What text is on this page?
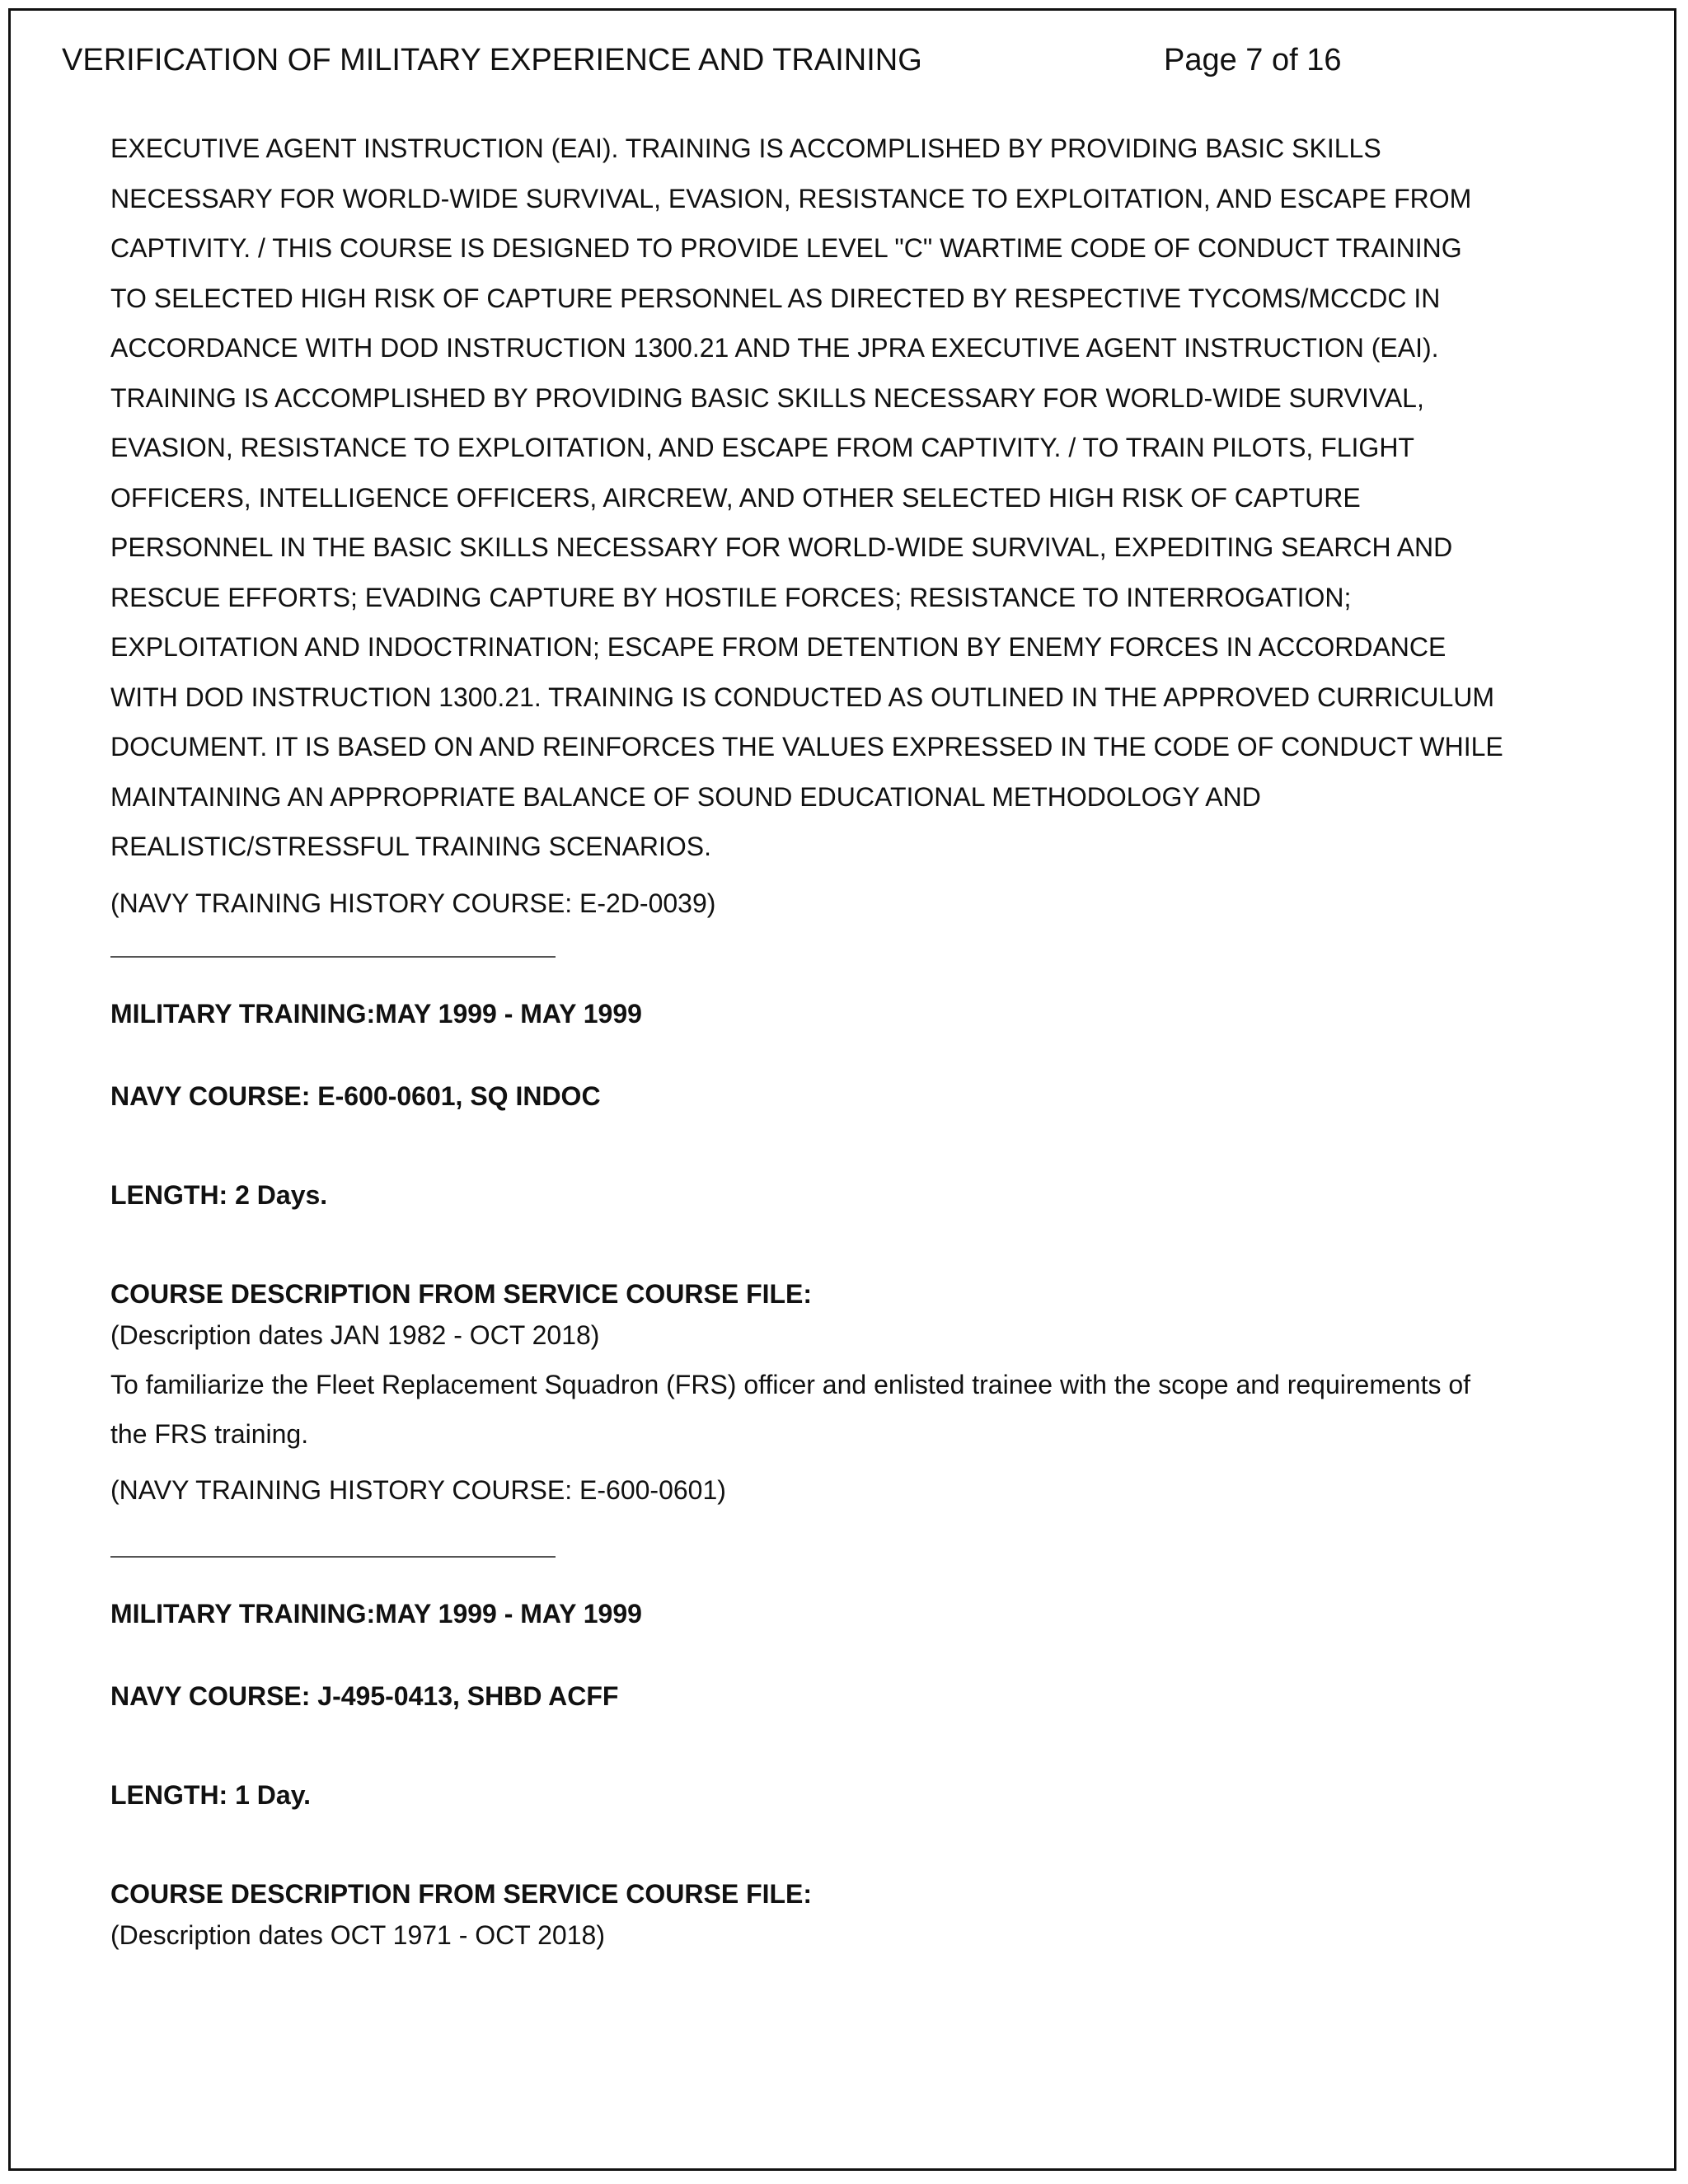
VERIFICATION OF MILITARY EXPERIENCE AND TRAINING	Page 7 of 16

EXECUTIVE AGENT INSTRUCTION (EAI). TRAINING IS ACCOMPLISHED BY PROVIDING BASIC SKILLS

NECESSARY FOR WORLD-WIDE SURVIVAL, EVASION, RESISTANCE TO EXPLOITATION, AND ESCAPE FROM

CAPTIVITY. / THIS COURSE IS DESIGNED TO PROVIDE LEVEL "C" WARTIME CODE OF CONDUCT TRAINING

TO SELECTED HIGH RISK OF CAPTURE PERSONNEL AS DIRECTED BY RESPECTIVE TYCOMS/MCCDC IN

ACCORDANCE WITH DOD INSTRUCTION 1300.21 AND THE JPRA EXECUTIVE AGENT INSTRUCTION (EAI).

TRAINING IS ACCOMPLISHED BY PROVIDING BASIC SKILLS NECESSARY FOR WORLD-WIDE SURVIVAL,

EVASION, RESISTANCE TO EXPLOITATION, AND ESCAPE FROM CAPTIVITY. / TO TRAIN PILOTS, FLIGHT

OFFICERS, INTELLIGENCE OFFICERS, AIRCREW, AND OTHER SELECTED HIGH RISK OF CAPTURE

PERSONNEL IN THE BASIC SKILLS NECESSARY FOR WORLD-WIDE SURVIVAL, EXPEDITING SEARCH AND

RESCUE EFFORTS; EVADING CAPTURE BY HOSTILE FORCES; RESISTANCE TO INTERROGATION;

EXPLOITATION AND INDOCTRINATION; ESCAPE FROM DETENTION BY ENEMY FORCES IN ACCORDANCE

WITH DOD INSTRUCTION 1300.21. TRAINING IS CONDUCTED AS OUTLINED IN THE APPROVED CURRICULUM

DOCUMENT. IT IS BASED ON AND REINFORCES THE VALUES EXPRESSED IN THE CODE OF CONDUCT WHILE

MAINTAINING AN APPROPRIATE BALANCE OF SOUND EDUCATIONAL METHODOLOGY AND

REALISTIC/STRESSFUL TRAINING SCENARIOS.

(NAVY TRAINING HISTORY COURSE: E-2D-0039)

MILITARY TRAINING:MAY 1999 - MAY 1999

NAVY COURSE: E-600-0601, SQ INDOC

LENGTH: 2 Days.

COURSE DESCRIPTION FROM SERVICE COURSE FILE:

(Description dates JAN 1982 - OCT 2018)

To familiarize the Fleet Replacement Squadron (FRS) officer and enlisted trainee with the scope and requirements of

the FRS training.

(NAVY TRAINING HISTORY COURSE: E-600-0601)

MILITARY TRAINING:MAY 1999 - MAY 1999

NAVY COURSE: J-495-0413, SHBD ACFF

LENGTH: 1 Day.

COURSE DESCRIPTION FROM SERVICE COURSE FILE:

(Description dates OCT 1971 - OCT 2018)
